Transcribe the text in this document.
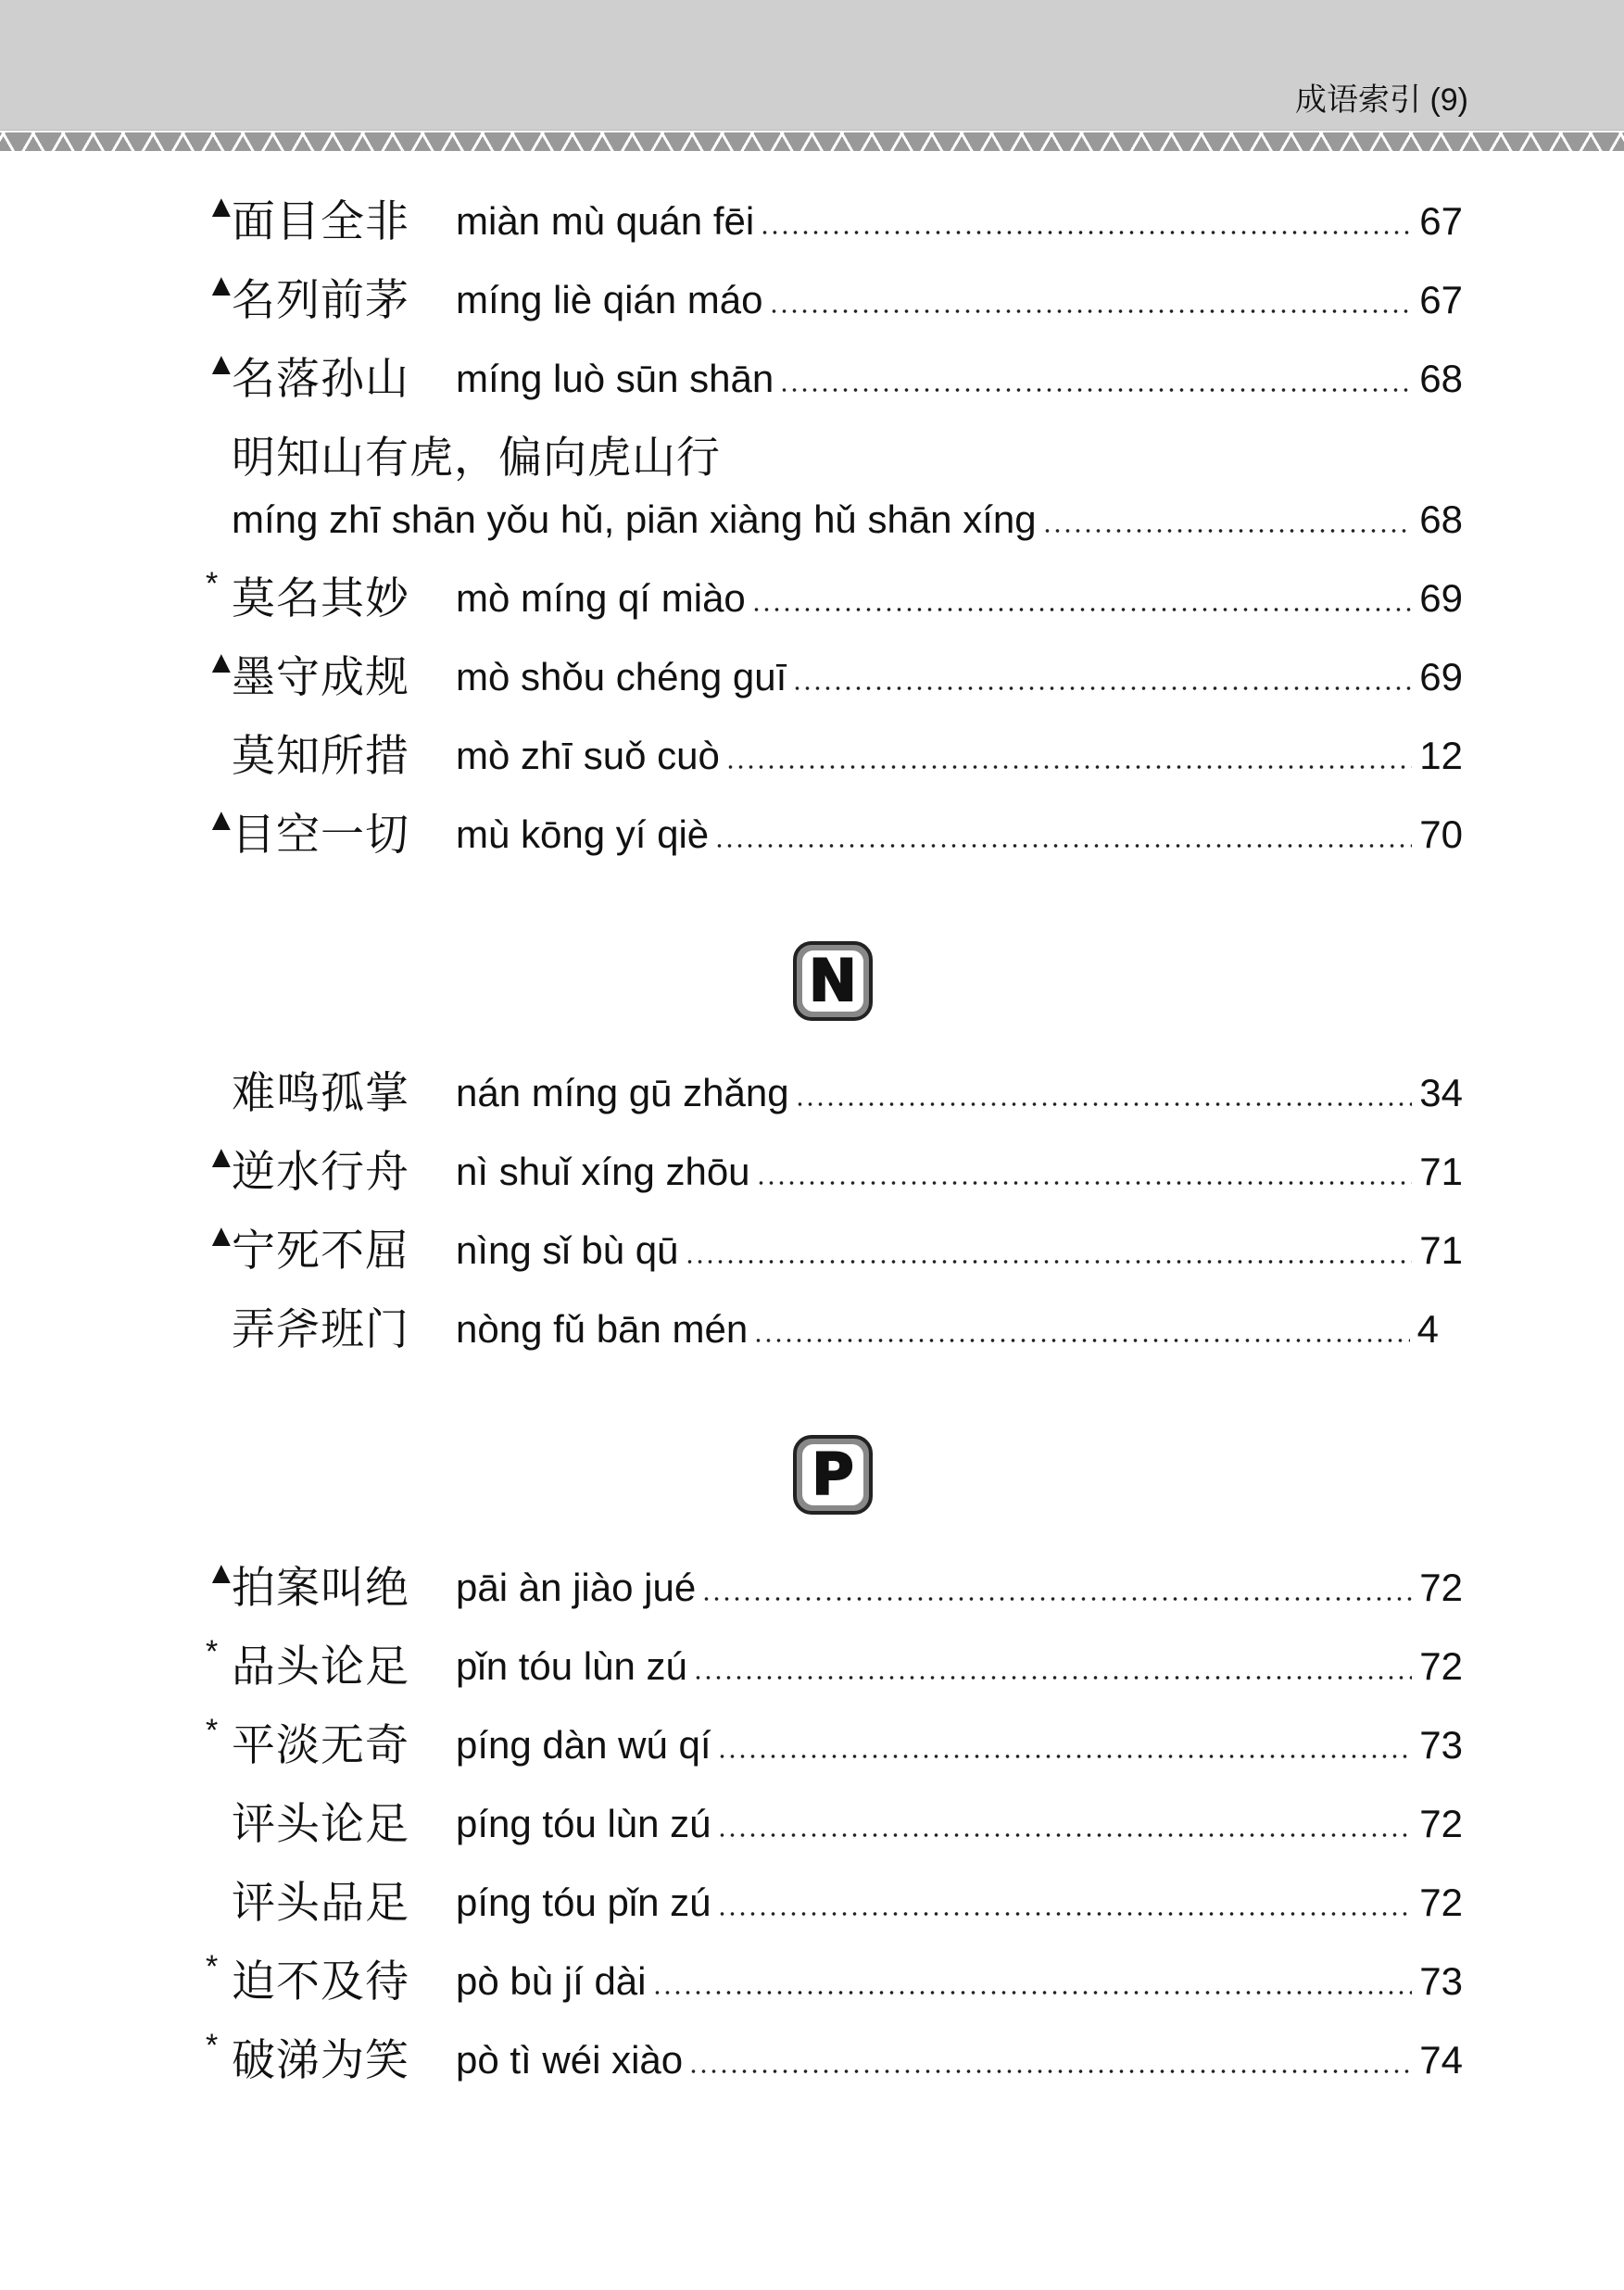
成语索引 (9)
▲
面目全非 miàn mù quán fēi	67
▲
名列前茅 míng liè qián máo	67
▲
名落孙山 míng luò sūn shān	68
明知山有虎，偏向虎山行
míng zhī shān yǒu hǔ, piān xiàng hǔ shān xíng	68
* 莫名其妙 mò míng qí miào	69
▲
墨守成规 mò shǒu chéng guī	69
莫知所措 mò zhī suǒ cuò	12
▲
目空一切 mù kōng yí qiè	70
N
难鸣孤掌 nán míng gū zhǎng	34
▲
逆水行舟 nì shuǐ xíng zhōu	71
▲
宁死不屈 nìng sǐ bù qū	71
弄斧班门 nòng fǔ bān mén	4
P
▲
拍案叫绝 pāi àn jiào jué	72
* 品头论足 pǐn tóu lùn zú	72
* 平淡无奇 píng dàn wú qí	73
评头论足 píng tóu lùn zú	72
评头品足 píng tóu pǐn zú	72
* 迫不及待 pò bù jí dài	73
* 破涕为笑 pò tì wéi xiào	74
